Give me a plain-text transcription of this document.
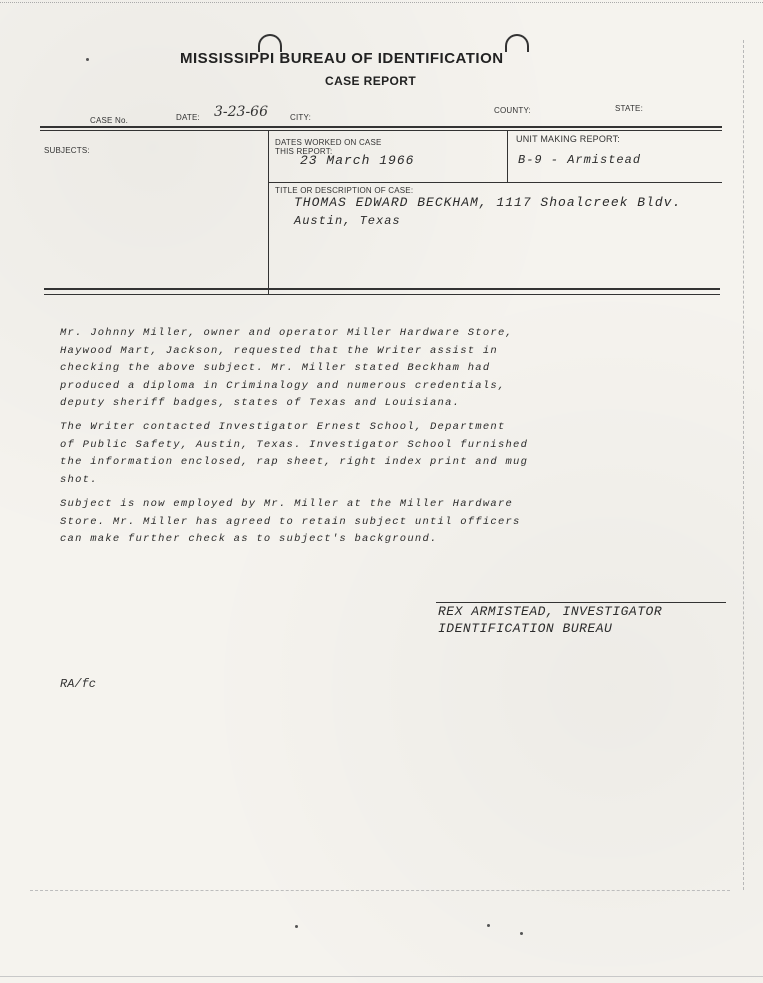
MISSISSIPPI BUREAU OF IDENTIFICATION
CASE REPORT
CASE No.	DATE: 3-23-66	CITY:
COUNTY:	STATE:
SUBJECTS:
DATES WORKED ON CASE
THIS REPORT:
23 March 1966
UNIT MAKING REPORT:
B-9 - Armistead
TITLE OR DESCRIPTION OF CASE:
THOMAS EDWARD BECKHAM, 1117 Shoalcreek Bldv.
Austin, Texas
Mr. Johnny Miller, owner and operator Miller Hardware Store,
Haywood Mart, Jackson, requested that the Writer assist in
checking the above subject. Mr. Miller stated Beckham had
produced a diploma in Criminalogy and numerous credentials,
deputy sheriff badges, states of Texas and Louisiana.
The Writer contacted Investigator Ernest School, Department
of Public Safety, Austin, Texas. Investigator School furnished
the information enclosed, rap sheet, right index print and mug
shot.
Subject is now employed by Mr. Miller at the Miller Hardware
Store. Mr. Miller has agreed to retain subject until officers
can make further check as to subject's background.
REX ARMISTEAD, INVESTIGATOR
IDENTIFICATION BUREAU
RA/fc
